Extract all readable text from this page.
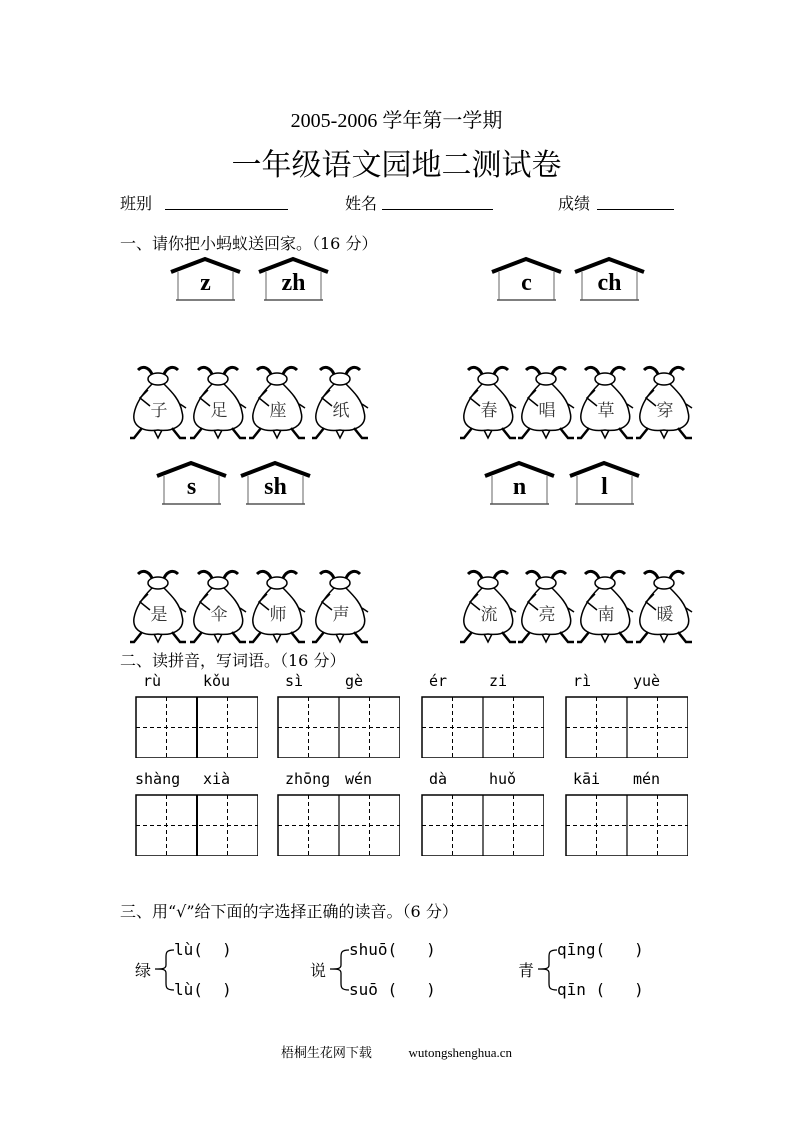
2005-2006 学年第一学期
一年级语文园地二测试卷
班别	姓名	成绩
一、请你把小蚂蚁送回家。（16 分）
二、读拼音，写词语。（16 分）
三、用“√”给下面的字选择正确的读音。（6 分）
梧桐生花网下载	wutongshenghua.cn
z	zh	c	ch
子	足	座	纸	春	唱	草	穿
s	sh	n	l
是	伞	师	声	流	亮	南	暖
rù	kǒu	sì	gè	ér	zi	rì	yuè
shàng xià	zhōng wén	dà	huǒ	kāi mén
绿
lù(  )
lù(  )
说
shuō(   )
suō (   )
青
qīng(   )
qīn (   )
